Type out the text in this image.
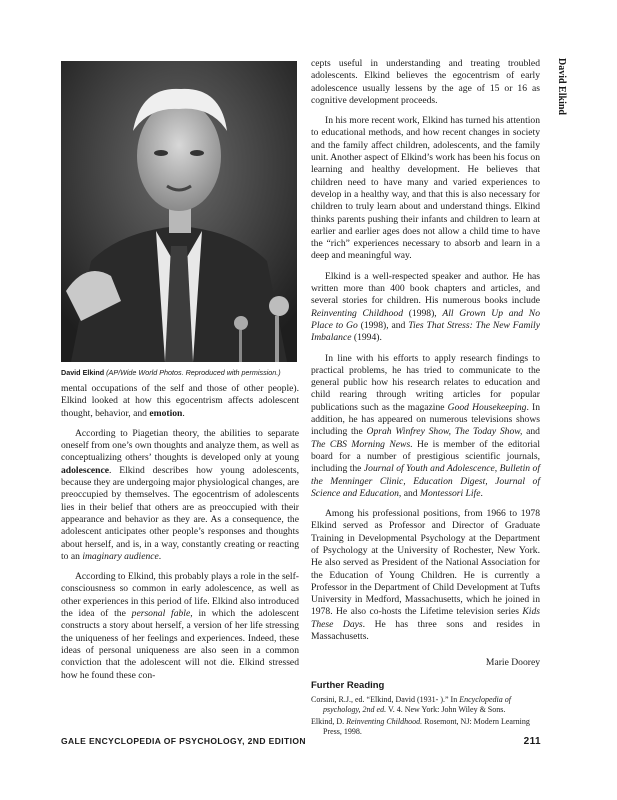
David Elkind
David Elkind (AP/Wide World Photos. Reproduced with permission.)

mental occupations of the self and those of other people). Elkind looked at how this egocentrism affects adolescent thought, behavior, and emotion.

According to Piagetian theory, the abilities to separate oneself from one’s own thoughts and analyze them, as well as conceptualizing others’ thoughts is developed only at young adolescence. Elkind describes how young adolescents, because they are undergoing major physiological changes, are preoccupied by themselves. The egocentrism of adolescents lies in their belief that others are as preoccupied with their appearance and behavior as they are. As a consequence, the adolescent anticipates other people’s responses and thoughts about herself, and is, in a way, constantly creating or reacting to an imaginary audience.

According to Elkind, this probably plays a role in the self-consciousness so common in early adolescence, as well as other experiences in this period of life. Elkind also introduced the idea of the personal fable, in which the adolescent constructs a story about herself, a version of her life stressing the uniqueness of her feelings and experiences. Indeed, these ideas of personal uniqueness are also seen in a common conviction that the adolescent will not die. Elkind stressed how he found these con-

cepts useful in understanding and treating troubled adolescents. Elkind believes the egocentrism of early adolescence usually lessens by the age of 15 or 16 as cognitive development proceeds.

In his more recent work, Elkind has turned his attention to educational methods, and how recent changes in society and the family affect children, adolescents, and the family unit. Another aspect of Elkind’s work has been his focus on learning and healthy development. He believes that children need to have many and varied experiences to develop in a healthy way, and that this is also necessary for children to truly learn about and understand things. Elkind thinks parents pushing their infants and children to learn at earlier and earlier ages does not allow a child time to have the “rich” experiences necessary to absorb and learn in a deep and meaningful way.

Elkind is a well-respected speaker and author. He has written more than 400 book chapters and articles, and several stories for children. His numerous books include Reinventing Childhood (1998), All Grown Up and No Place to Go (1998), and Ties That Stress: The New Family Imbalance (1994).

In line with his efforts to apply research findings to practical problems, he has tried to communicate to the general public how his research relates to education and child rearing through writing articles for popular publications such as the magazine Good Housekeeping. In addition, he has appeared on numerous televisions shows including the Oprah Winfrey Show, The Today Show, and The CBS Morning News. He is member of the editorial board for a number of prestigious scientific journals, including the Journal of Youth and Adolescence, Bulletin of the Menninger Clinic, Education Digest, Journal of Science and Education, and Montessori Life.

Among his professional positions, from 1966 to 1978 Elkind served as Professor and Director of Graduate Training in Developmental Psychology at the Department of Psychology at the University of Rochester, New York. He also served as President of the National Association for the Education of Young Children. He is currently a Professor in the Department of Child Development at Tufts University in Medford, Massachusetts, which he joined in 1978. He also co-hosts the Lifetime television series Kids These Days. He has three sons and resides in Massachusetts.

Marie Doorey
Further Reading
Corsini, R.J., ed. “Elkind, David (1931- ).” In Encyclopedia of psychology, 2nd ed. V. 4. New York: John Wiley & Sons.
Elkind, D. Reinventing Childhood. Rosemont, NJ: Modern Learning Press, 1998.
GALE ENCYCLOPEDIA OF PSYCHOLOGY, 2ND EDITION	211
